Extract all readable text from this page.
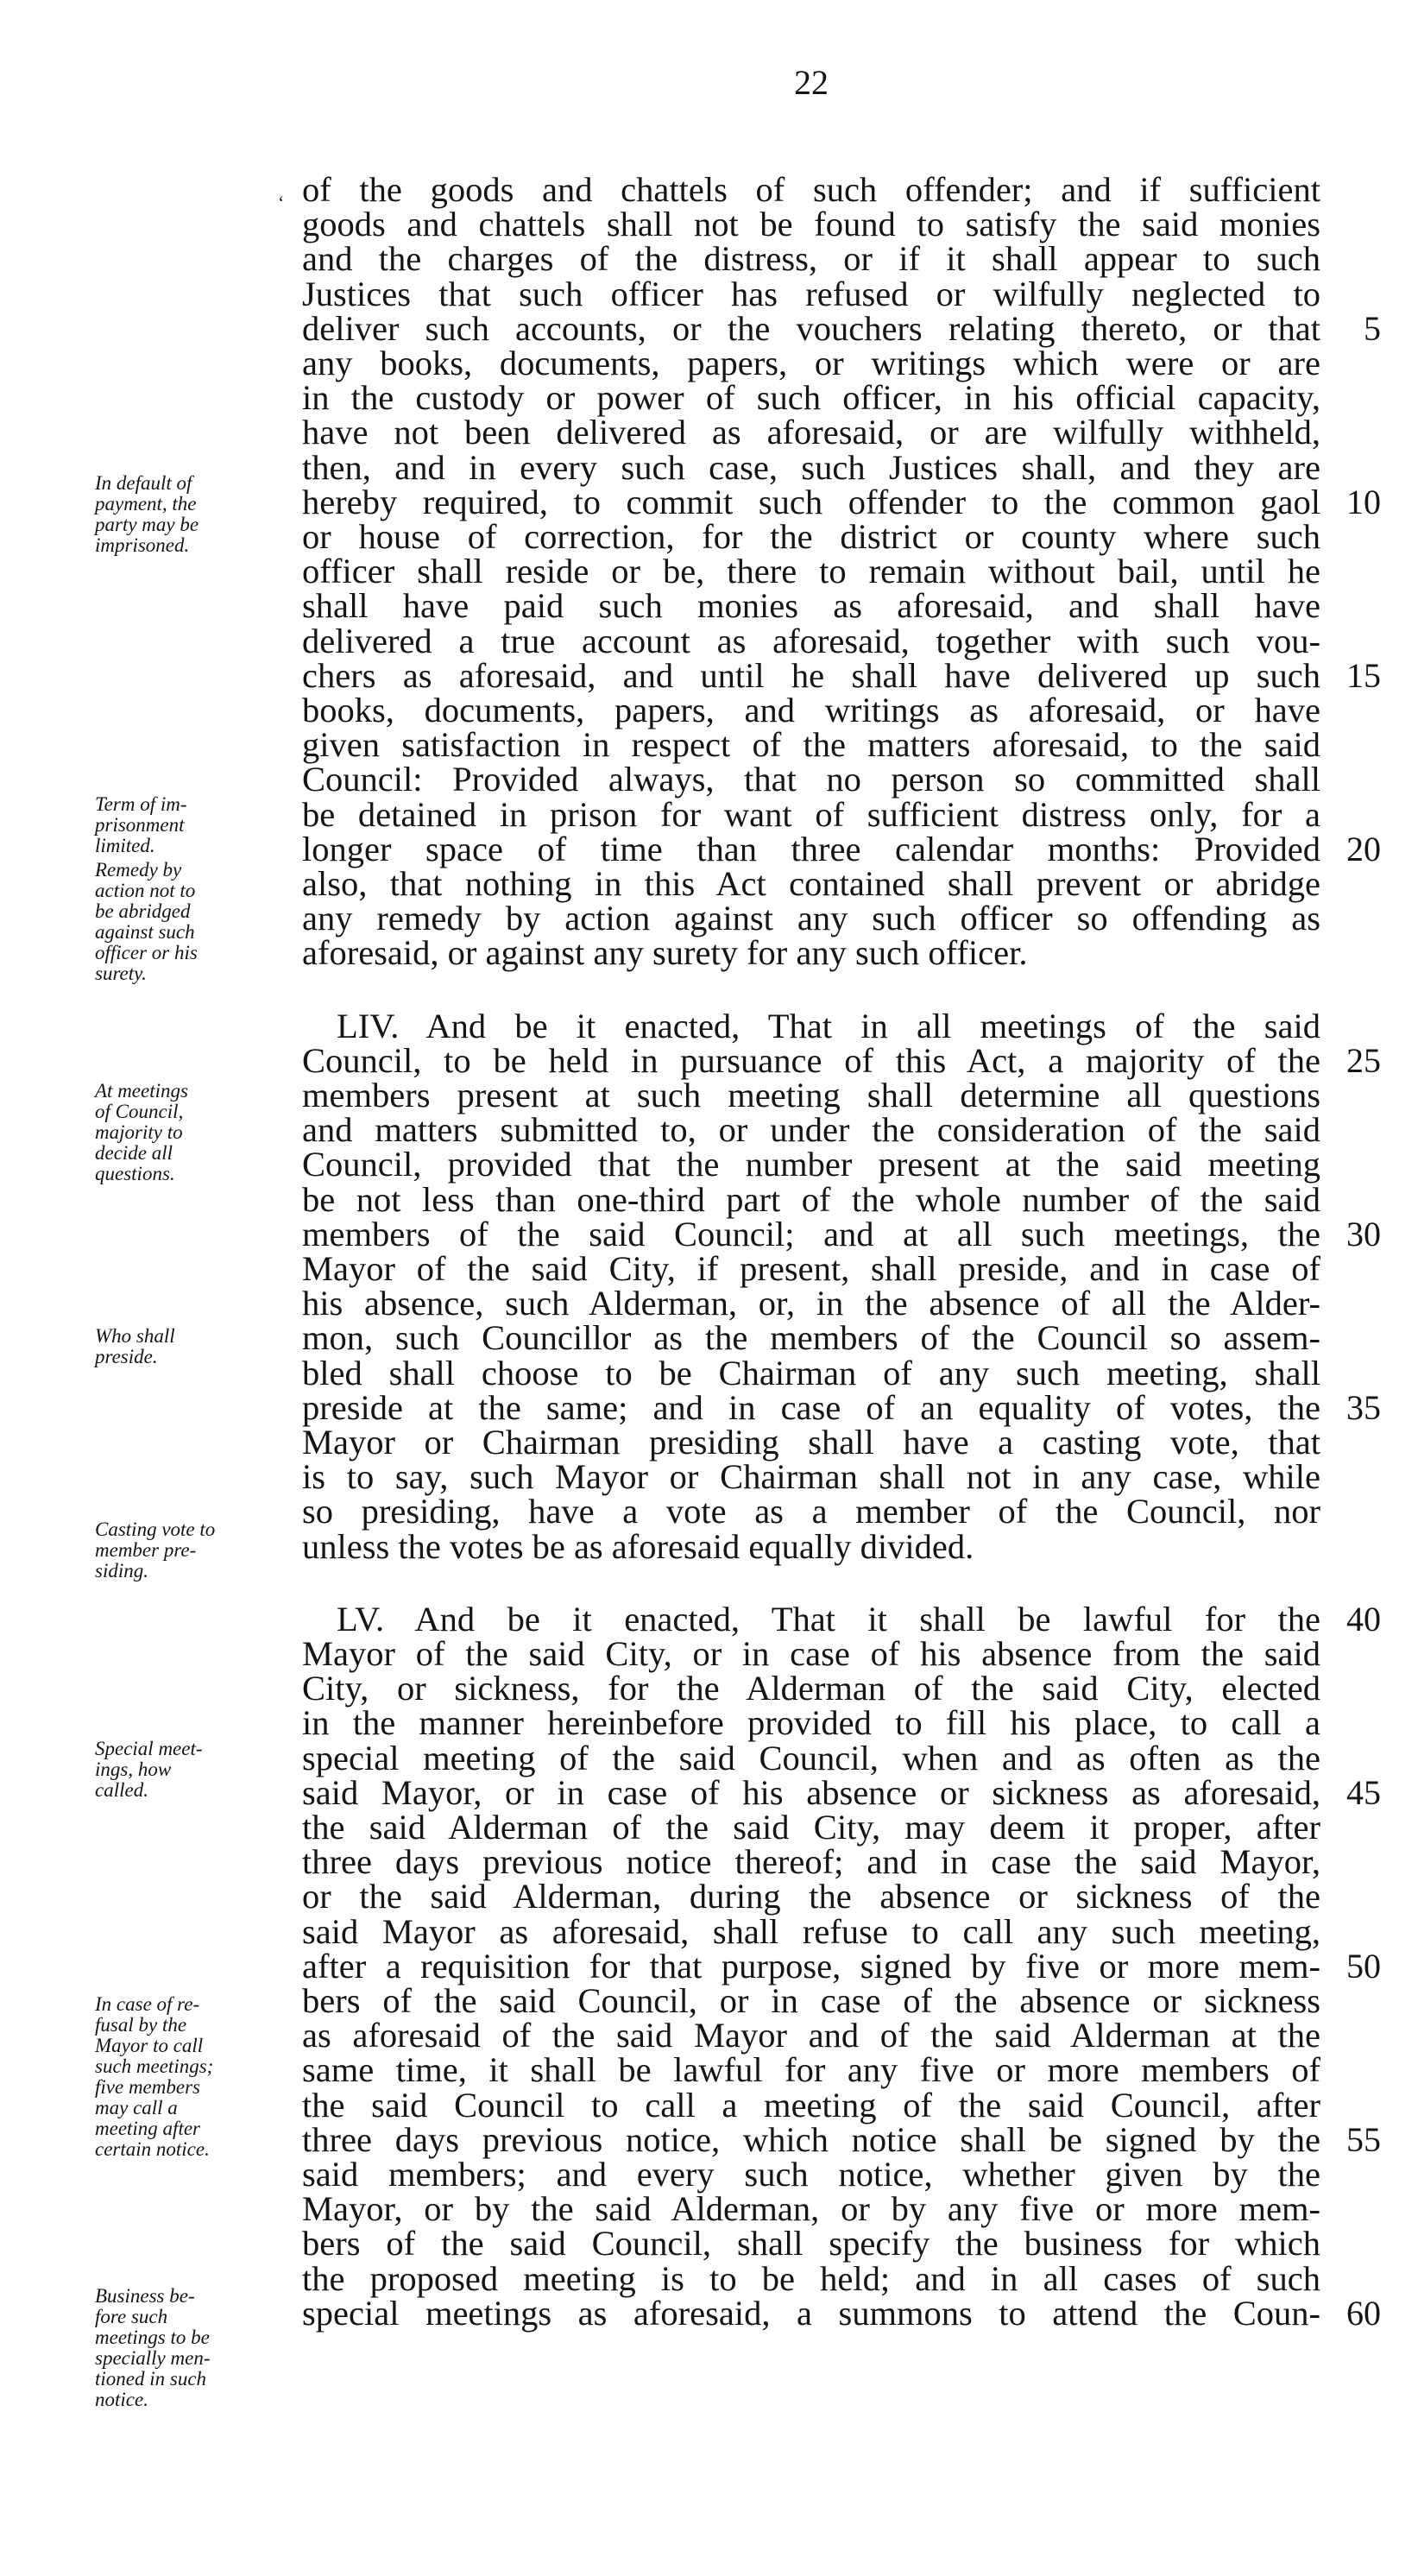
22
‘
In default of
payment, the
party may be
imprisoned.
Term of im-
prisonment
limited.
Remedy by
action not to
be abridged
against such
officer or his
surety.
At meetings
of Council,
majority to
decide all
questions.
Who shall
preside.
Casting vote to
member pre-
siding.
Special meet-
ings, how
called.
In case of re-
fusal by the
Mayor to call
such meetings;
five members
may call a
meeting after
certain notice.
Business be-
fore such
meetings to be
specially men-
tioned in such
notice.
of the goods and chattels of such offender; and if sufficient
goods and chattels shall not be found to satisfy the said monies
and the charges of the distress, or if it shall appear to such
Justices that such officer has refused or wilfully neglected to
deliver such accounts, or the vouchers relating thereto, or that	5
any books, documents, papers, or writings which were or are
in the custody or power of such officer, in his official capacity,
have not been delivered as aforesaid, or are wilfully withheld,
then, and in every such case, such Justices shall, and they are
hereby required, to commit such offender to the common gaol 10
or house of correction, for the district or county where such
officer shall reside or be, there to remain without bail, until he
shall have paid such monies as aforesaid, and shall have
delivered a true account as aforesaid, together with such vou-
chers as aforesaid, and until he shall have delivered up such 15
books, documents, papers, and writings as aforesaid, or have
given satisfaction in respect of the matters aforesaid, to the said
Council: Provided always, that no person so committed shall
be detained in prison for want of sufficient distress only, for a
longer space of time than three calendar months: Provided 20
also, that nothing in this Act contained shall prevent or abridge
any remedy by action against any such officer so offending as
aforesaid, or against any surety for any such officer.
LIV. And be it enacted, That in all meetings of the said
Council, to be held in pursuance of this Act, a majority of the 25
members present at such meeting shall determine all questions
and matters submitted to, or under the consideration of the said
Council, provided that the number present at the said meeting
be not less than one-third part of the whole number of the said
members of the said Council; and at all such meetings, the 30
Mayor of the said City, if present, shall preside, and in case of
his absence, such Alderman, or, in the absence of all the Alder-
mon, such Councillor as the members of the Council so assem-
bled shall choose to be Chairman of any such meeting, shall
preside at the same; and in case of an equality of votes, the 35
Mayor or Chairman presiding shall have a casting vote, that
is to say, such Mayor or Chairman shall not in any case, while
so presiding, have a vote as a member of the Council, nor
unless the votes be as aforesaid equally divided.
LV. And be it enacted, That it shall be lawful for the 40
Mayor of the said City, or in case of his absence from the said
City, or sickness, for the Alderman of the said City, elected
in the manner hereinbefore provided to fill his place, to call a
special meeting of the said Council, when and as often as the
said Mayor, or in case of his absence or sickness as aforesaid, 45
the said Alderman of the said City, may deem it proper, after
three days previous notice thereof; and in case the said Mayor,
or the said Alderman, during the absence or sickness of the
said Mayor as aforesaid, shall refuse to call any such meeting,
after a requisition for that purpose, signed by five or more mem- 50
bers of the said Council, or in case of the absence or sickness
as aforesaid of the said Mayor and of the said Alderman at the
same time, it shall be lawful for any five or more members of
the said Council to call a meeting of the said Council, after
three days previous notice, which notice shall be signed by the 55
said members; and every such notice, whether given by the
Mayor, or by the said Alderman, or by any five or more mem-
bers of the said Council, shall specify the business for which
the proposed meeting is to be held; and in all cases of such
special meetings as aforesaid, a summons to attend the Coun- 60
